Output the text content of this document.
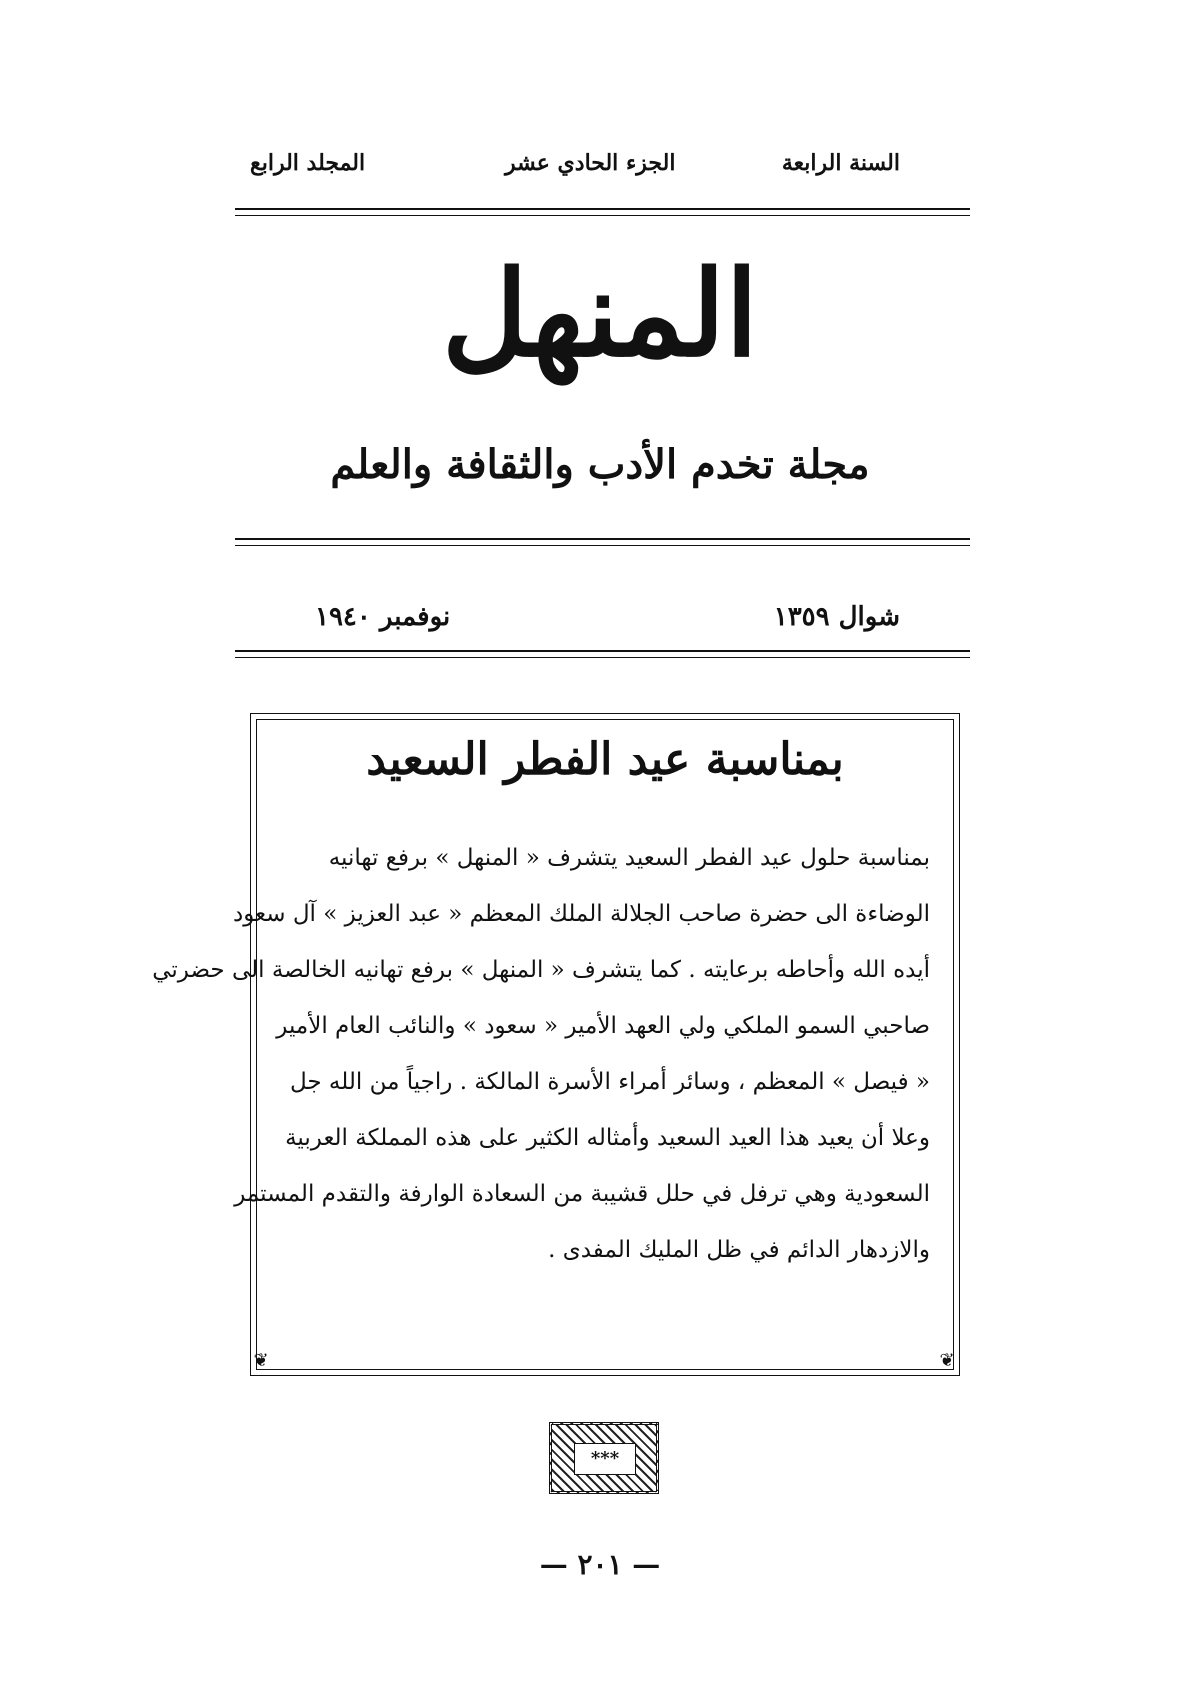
السنة الرابعة
الجزء الحادي عشر
المجلد الرابع
المنهل
مجلة تخدم الأدب والثقافة والعلم
شوال ١٣٥٩
نوفمبر ١٩٤٠
❦	❦
بمناسبة عيد الفطر السعيد
بمناسبة حلول عيد الفطر السعيد يتشرف « المنهل » برفع تهانيه
الوضاءة الى حضرة صاحب الجلالة الملك المعظم « عبد العزيز » آل سعود
أيده الله وأحاطه برعايته . كما يتشرف « المنهل » برفع تهانيه الخالصة الى حضرتي
صاحبي السمو الملكي ولي العهد الأمير « سعود » والنائب العام الأمير
« فيصل » المعظم ، وسائر أمراء الأسرة المالكة . راجياً من الله جل
وعلا أن يعيد هذا العيد السعيد وأمثاله الكثير على هذه المملكة العربية
السعودية وهي ترفل في حلل قشيبة من السعادة الوارفة والتقدم المستمر
والازدهار الدائم في ظل المليك المفدى .
***
— ٢٠١ —
